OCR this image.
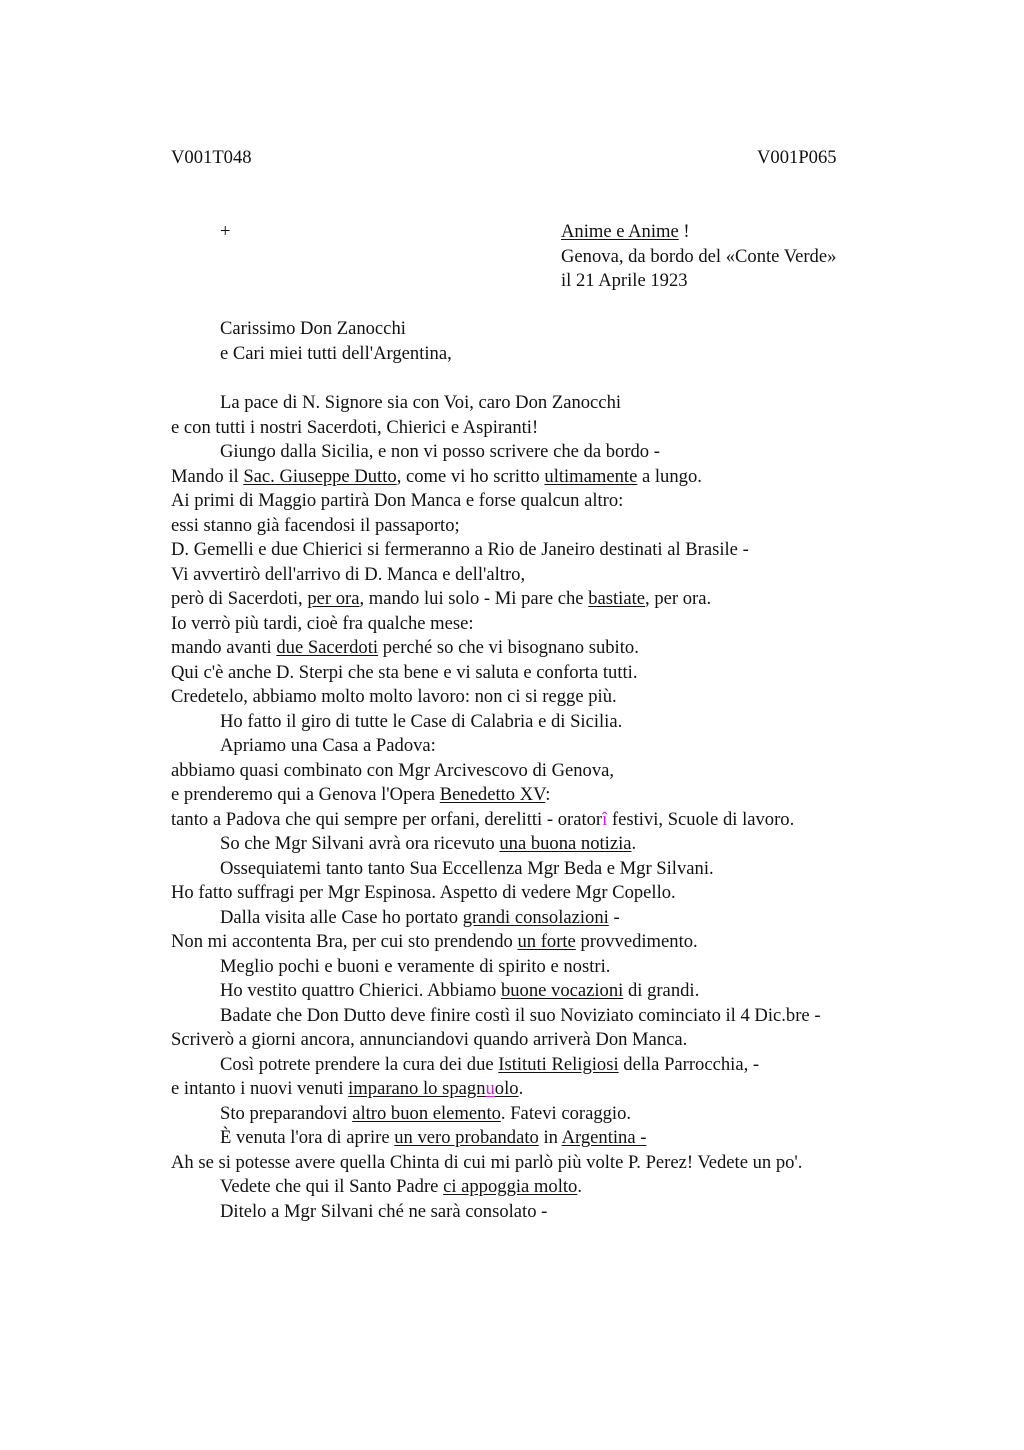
V001T048	V001P065
+	Anime e Anime !
Genova, da bordo del «Conte Verde»
il 21 Aprile 1923
Carissimo Don Zanocchi
e Cari miei tutti dell'Argentina,
La pace di N. Signore sia con Voi, caro Don Zanocchi
e con tutti i nostri Sacerdoti, Chierici e Aspiranti!
Giungo dalla Sicilia, e non vi posso scrivere che da bordo -
Mando il Sac. Giuseppe Dutto, come vi ho scritto ultimamente a lungo.
Ai primi di Maggio partirà Don Manca e forse qualcun altro:
essi stanno già facendosi il passaporto;
D. Gemelli e due Chierici si fermeranno a Rio de Janeiro destinati al Brasile -
Vi avvertirò dell'arrivo di D. Manca e dell'altro,
però di Sacerdoti, per ora, mando lui solo - Mi pare che bastiate, per ora.
Io verrò più tardi, cioè fra qualche mese:
mando avanti due Sacerdoti perché so che vi bisognano subito.
Qui c'è anche D. Sterpi che sta bene e vi saluta e conforta tutti.
Credetelo, abbiamo molto molto lavoro: non ci si regge più.
Ho fatto il giro di tutte le Case di Calabria e di Sicilia.
Apriamo una Casa a Padova:
abbiamo quasi combinato con Mgr Arcivescovo di Genova,
e prenderemo qui a Genova l'Opera Benedetto XV:
tanto a Padova che qui sempre per orfani, derelitti - oratorî festivi, Scuole di lavoro.
So che Mgr Silvani avrà ora ricevuto una buona notizia.
Ossequiatemi tanto tanto Sua Eccellenza Mgr Beda e Mgr Silvani.
Ho fatto suffragi per Mgr Espinosa. Aspetto di vedere Mgr Copello.
Dalla visita alle Case ho portato grandi consolazioni -
Non mi accontenta Bra, per cui sto prendendo un forte provvedimento.
Meglio pochi e buoni e veramente di spirito e nostri.
Ho vestito quattro Chierici. Abbiamo buone vocazioni di grandi.
Badate che Don Dutto deve finire costì il suo Noviziato cominciato il 4 Dic.bre -
Scriverò a giorni ancora, annunciandovi quando arriverà Don Manca.
Così potrete prendere la cura dei due Istituti Religiosi della Parrocchia, -
e intanto i nuovi venuti imparano lo spagnuolo.
Sto preparandovi altro buon elemento. Fatevi coraggio.
È venuta l'ora di aprire un vero probandato in Argentina -
Ah se si potesse avere quella Chinta di cui mi parlò più volte P. Perez! Vedete un po'.
Vedete che qui il Santo Padre ci appoggia molto.
Ditelo a Mgr Silvani ché ne sarà consolato -
